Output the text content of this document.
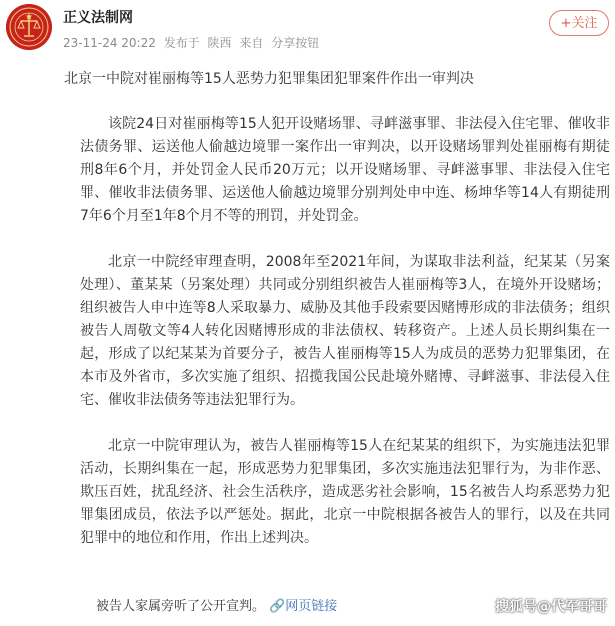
正义法制网
23-11-24 20:22 发布于 陕西 来自 分享按钮
+关注
北京一中院对崔丽梅等15人恶势力犯罪集团犯罪案件作出一审判决

该院24日对崔丽梅等15人犯开设赌场罪、寻衅滋事罪、非法侵入住宅罪、催收非法债务罪、运送他人偷越边境罪一案作出一审判决，以开设赌场罪判处崔丽梅有期徒刑8年6个月，并处罚金人民币20万元；以开设赌场罪、寻衅滋事罪、非法侵入住宅罪、催收非法债务罪、运送他人偷越边境罪分别判处申中连、杨坤华等14人有期徒刑7年6个月至1年8个月不等的刑罚，并处罚金。

北京一中院经审理查明，2008年至2021年间，为谋取非法利益，纪某某（另案处理）、董某某（另案处理）共同或分别组织被告人崔丽梅等3人，在境外开设赌场；组织被告人申中连等8人采取暴力、威胁及其他手段索要因赌博形成的非法债务；组织被告人周敬文等4人转化因赌博形成的非法债权、转移资产。上述人员长期纠集在一起，形成了以纪某某为首要分子，被告人崔丽梅等15人为成员的恶势力犯罪集团，在本市及外省市，多次实施了组织、招揽我国公民赴境外赌博、寻衅滋事、非法侵入住宅、催收非法债务等违法犯罪行为。

北京一中院审理认为，被告人崔丽梅等15人在纪某某的组织下，为实施违法犯罪活动，长期纠集在一起，形成恶势力犯罪集团，多次实施违法犯罪行为，为非作恶、欺压百姓，扰乱经济、社会生活秩序，造成恶劣社会影响，15名被告人均系恶势力犯罪集团成员，依法予以严惩处。据此，北京一中院根据各被告人的罪行，以及在共同犯罪中的地位和作用，作出上述判决。

被告人家属旁听了公开宣判。 🔗网页链接	搜狐号@代军哥哥
